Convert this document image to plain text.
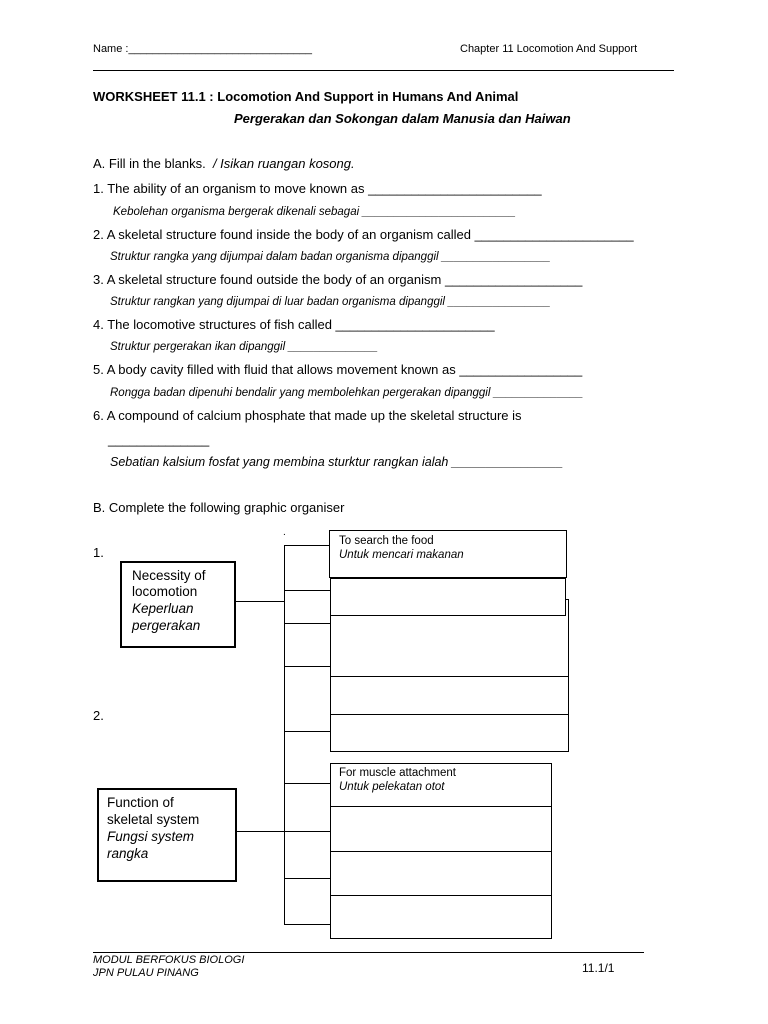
Name :______________________________	Chapter 11 Locomotion And Support
WORKSHEET 11.1 : Locomotion And Support in Humans And Animal
Pergerakan dan Sokongan dalam Manusia dan Haiwan
A. Fill in the blanks. / Isikan ruangan kosong.
1. The ability of an organism to move known as ________________________
Kebolehan organisma bergerak dikenali sebagai ________________________
2. A skeletal structure found inside the body of an organism called ______________________
Struktur rangka yang dijumpai dalam badan organisma dipanggil _________________
3. A skeletal structure found outside the body of an organism ___________________
Struktur rangkan yang dijumpai di luar badan organisma dipanggil ________________
4. The locomotive structures of fish called ______________________
Struktur pergerakan ikan dipanggil ______________
5. A body cavity filled with fluid that allows movement known as _________________
Rongga badan dipenuhi bendalir yang membolehkan pergerakan dipanggil ______________
6. A compound of calcium phosphate that made up the skeletal structure is
______________
Sebatian kalsium fosfat yang membina sturktur rangkan ialah ________________
B. Complete the following graphic organiser
1.
2.
.
Necessity of
locomotion
Keperluan
pergerakan
To search the food
Untuk mencari makanan
Function of
skeletal system
Fungsi system
rangka
For muscle attachment
Untuk pelekatan otot
MODUL BERFOKUS BIOLOGI
JPN PULAU PINANG	11.1/1
